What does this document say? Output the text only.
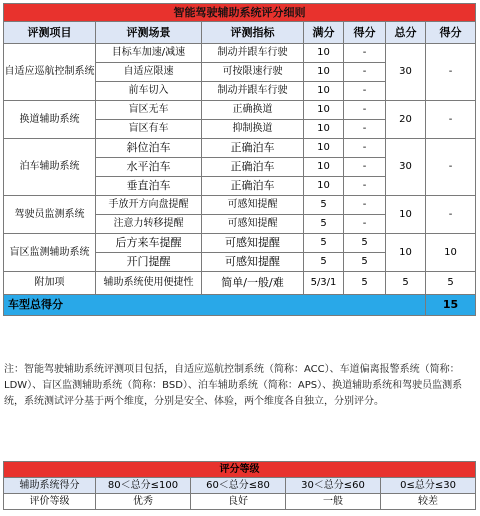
智能驾驶辅助系统评分细则						
评测项目	评测场景	评测指标	满分	得分	总分	得分
自适应巡航控制系统	目标车加速/减速	制动并跟车行驶	10	-	30	-
	自适应限速	可按限速行驶	10	-		
	前车切入	制动并跟车行驶	10	-		
换道辅助系统	盲区无车	正确换道	10	-	20	-
	盲区有车	抑制换道	10	-		
泊车辅助系统	斜位泊车	正确泊车	10	-	30	-
	水平泊车	正确泊车	10	-		
	垂直泊车	正确泊车	10	-		
驾驶员监测系统	手放开方向盘提醒	可感知提醒	5	-	10	-
	注意力转移提醒	可感知提醒	5	-		
盲区监测辅助系统	后方来车提醒	可感知提醒	5	5	10	10
	开门提醒	可感知提醒	5	5		
附加项	辅助系统使用便捷性	简单/一般/难	5/3/1	5	5	5
车型总得分						15

注：智能驾驶辅助系统评测项目包括，自适应巡航控制系统（简称：ACC）、车道偏离报警系统（简称：LDW）、盲区监测辅助系统（简称：BSD）、泊车辅助系统（简称：APS）、换道辅助系统和驾驶员监测系统，系统测试评分基于两个维度，分别是安全、体验，两个维度各自独立，分别评分。

评分等级				
辅助系统得分	80＜总分≤100	60＜总分≤80	30＜总分≤60	0≤总分≤30
评价等级	优秀	良好	一般	较差
